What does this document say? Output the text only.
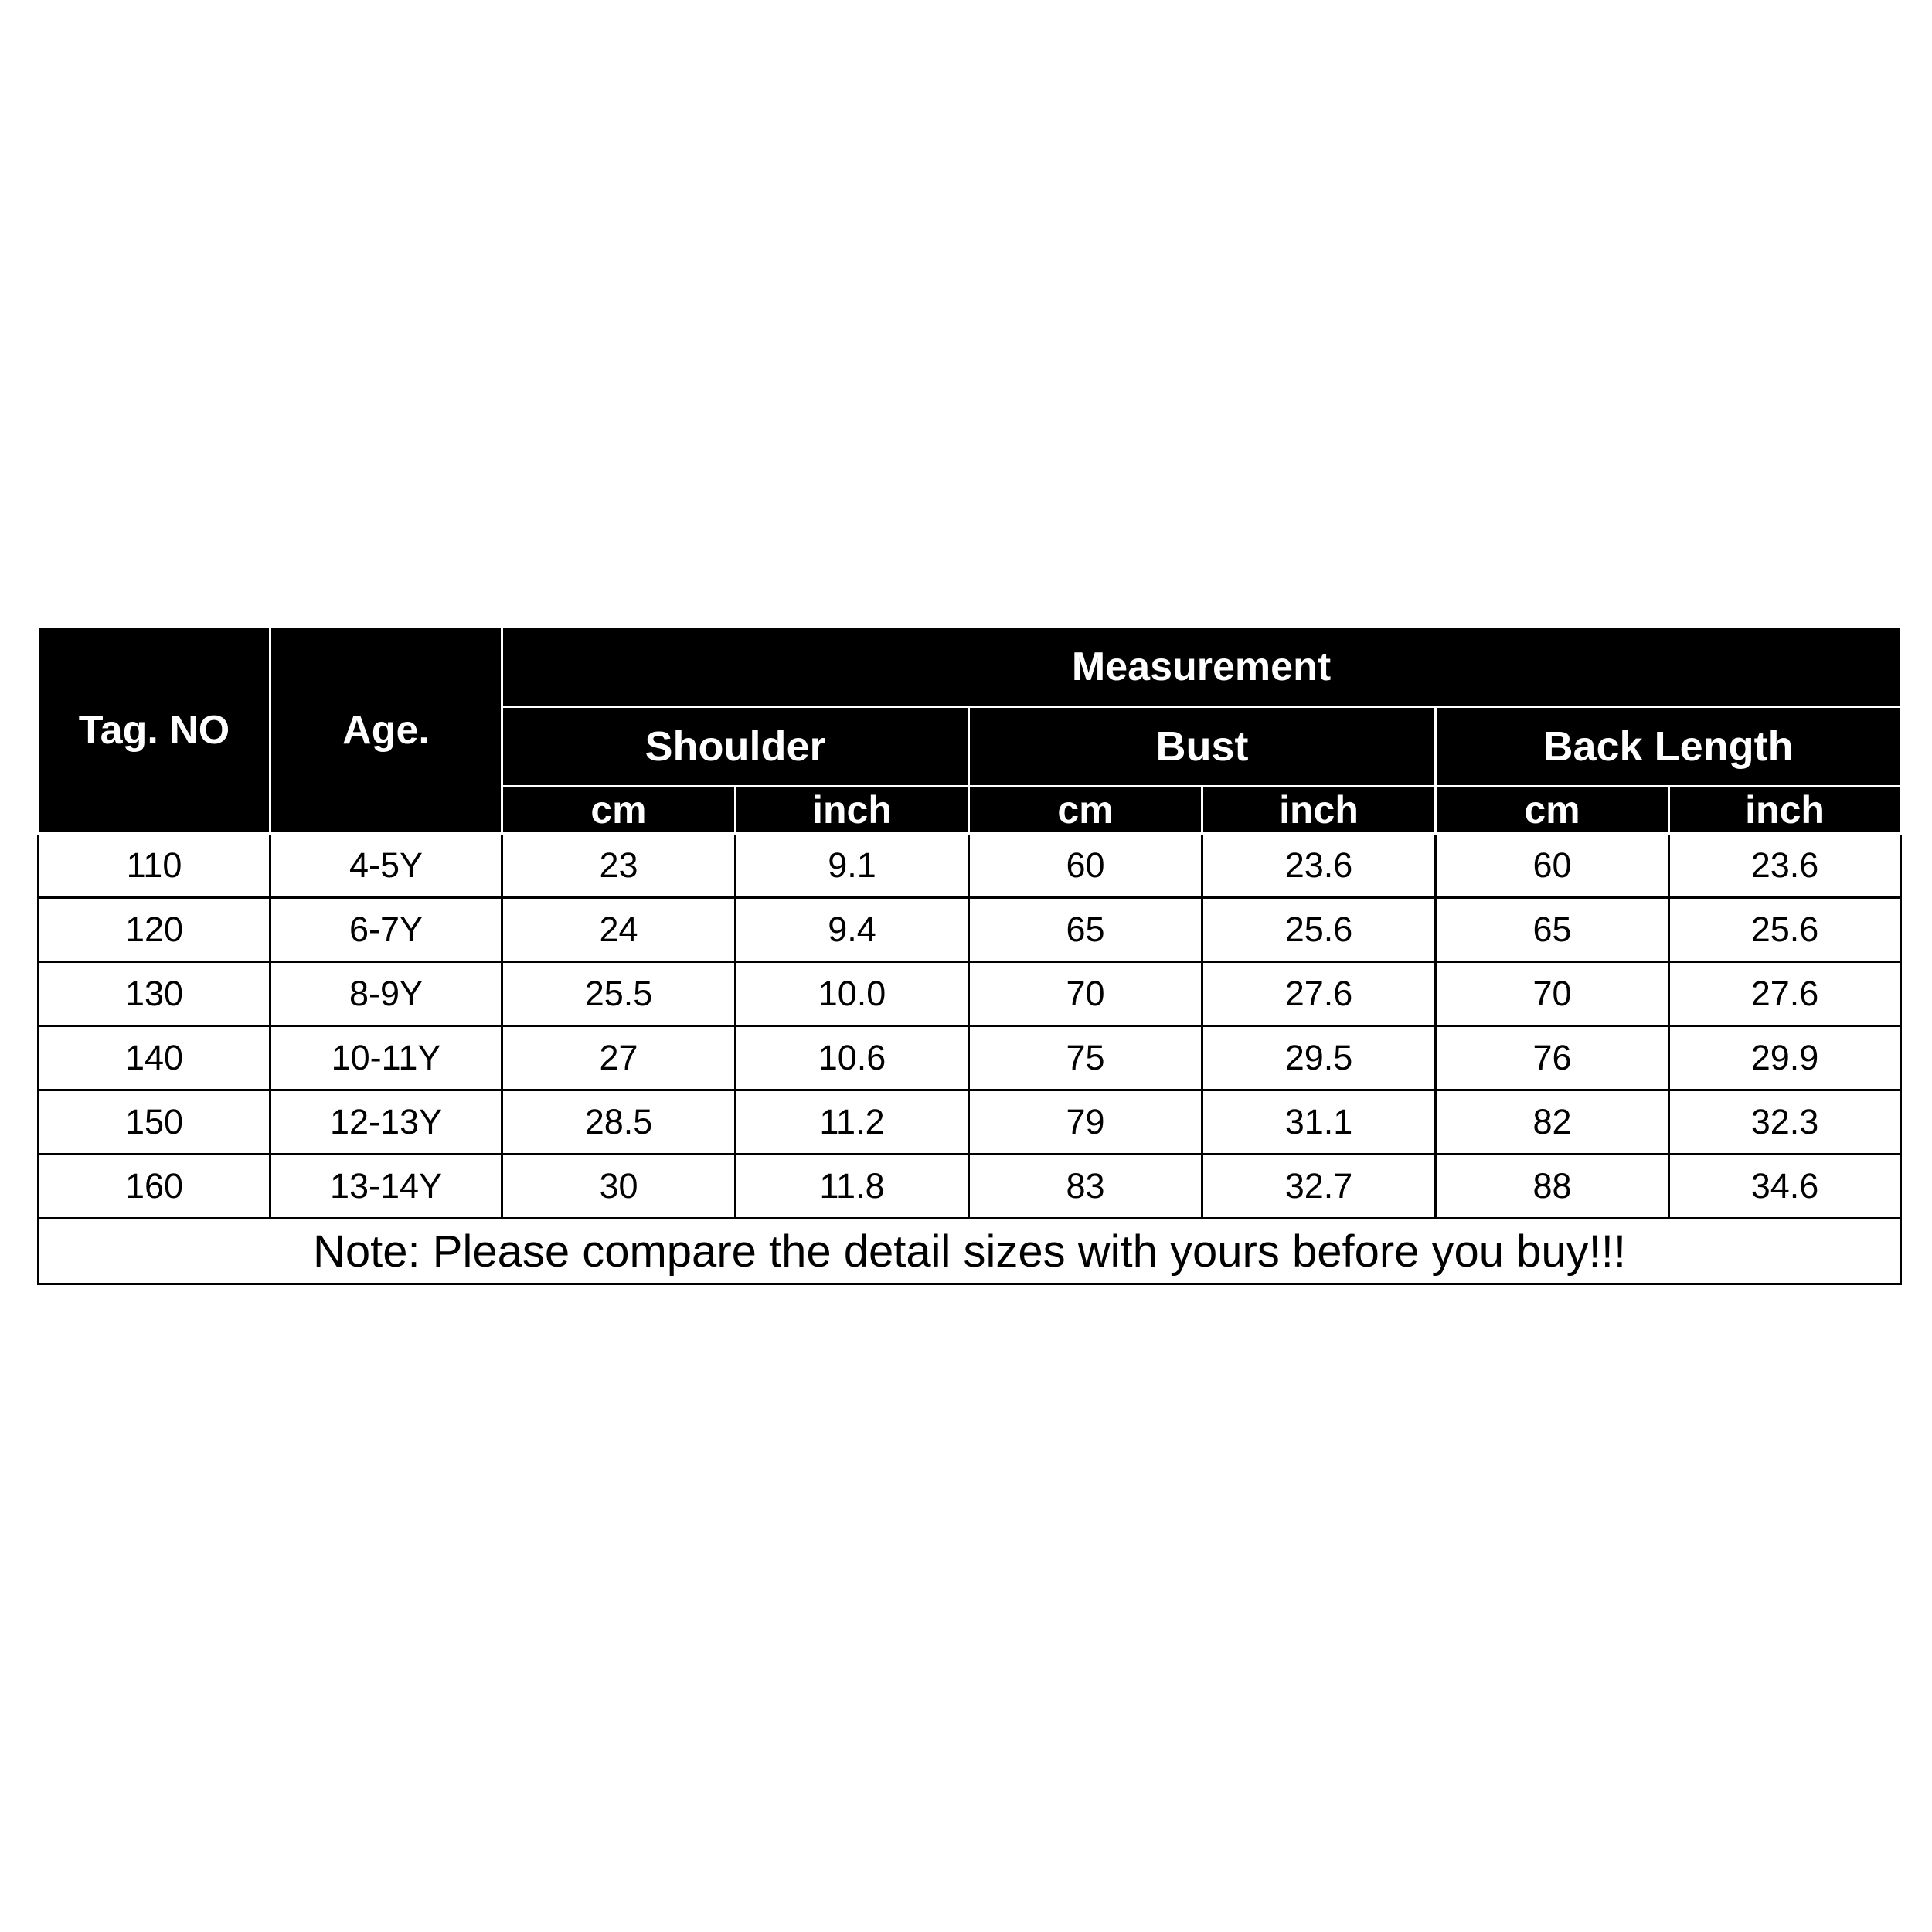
Tag. NO	Age.	Measurement					
		Shoulder		Bust		Back Length	
		cm	inch	cm	inch	cm	inch
110	4-5Y	23	9.1	60	23.6	60	23.6
120	6-7Y	24	9.4	65	25.6	65	25.6
130	8-9Y	25.5	10.0	70	27.6	70	27.6
140	10-11Y	27	10.6	75	29.5	76	29.9
150	12-13Y	28.5	11.2	79	31.1	82	32.3
160	13-14Y	30	11.8	83	32.7	88	34.6
Note: Please compare the detail sizes with yours before you buy!!!							
